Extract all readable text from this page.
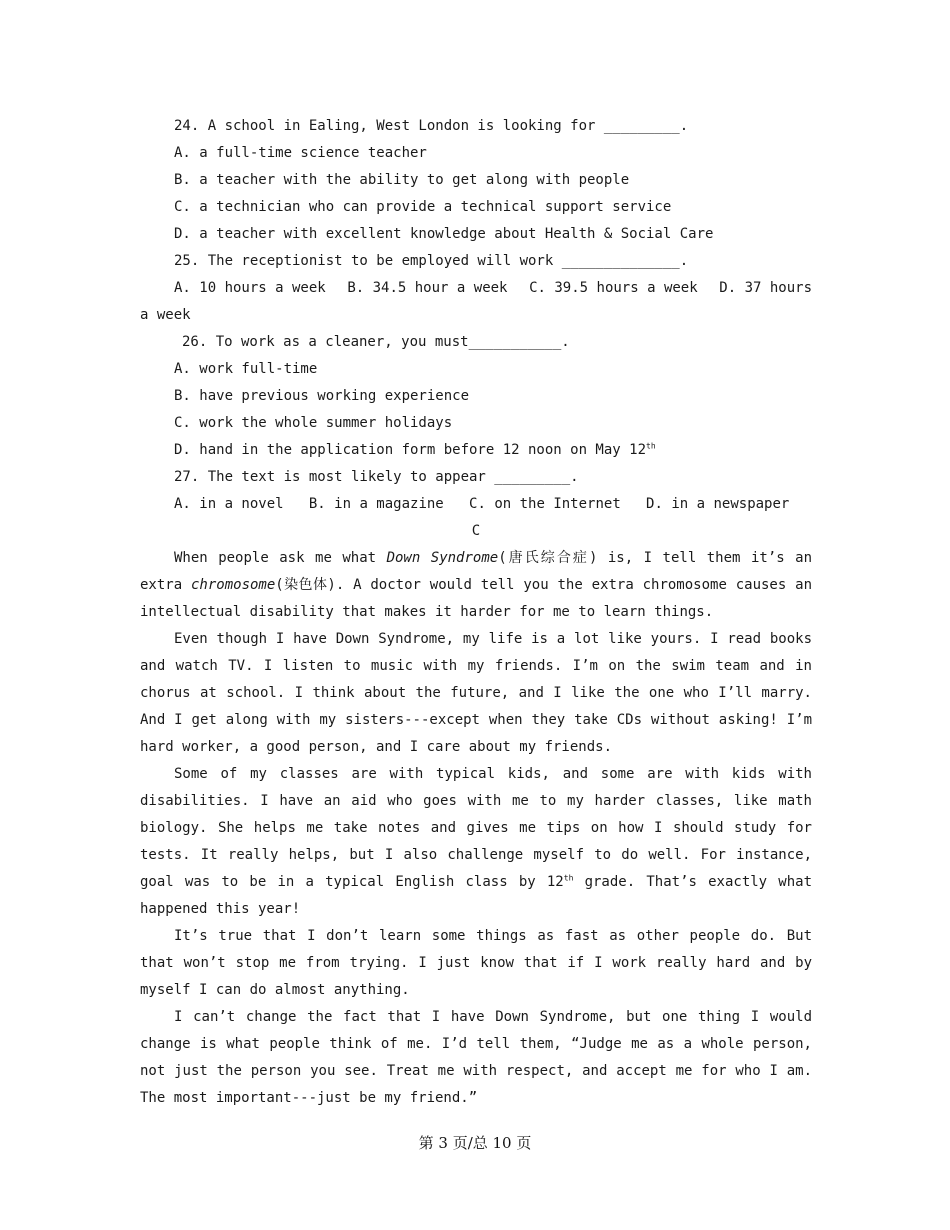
24. A school in Ealing, West London is looking for _________.
A. a full-time science teacher
B. a teacher with the ability to get along with people
C. a technician who can provide a technical support service
D. a teacher with excellent knowledge about Health & Social Care
25. The receptionist to be employed will work ______________.
A. 10 hours a week B. 34.5 hour a week C. 39.5 hours a week D. 37 hours
a week
26. To work as a cleaner, you must___________.
A. work full-time
B. have previous working experience
C. work the whole summer holidays
D. hand in the application form before 12 noon on May 12th
27. The text is most likely to appear _________.
A. in a novel B. in a magazine C. on the Internet D. in a newspaper
C
When people ask me what Down Syndrome(唐氏综合症) is, I tell them it’s an
extra chromosome(染色体). A doctor would tell you the extra chromosome causes an
intellectual disability that makes it harder for me to learn things.
Even though I have Down Syndrome, my life is a lot like yours. I read books
and watch TV. I listen to music with my friends. I’m on the swim team and in
chorus at school. I think about the future, and I like the one who I’ll marry.
And I get along with my sisters---except when they take CDs without asking! I’m
hard worker, a good person, and I care about my friends.
Some of my classes are with typical kids, and some are with kids with
disabilities. I have an aid who goes with me to my harder classes, like math
biology. She helps me take notes and gives me tips on how I should study for
tests. It really helps, but I also challenge myself to do well. For instance,
goal was to be in a typical English class by 12th grade. That’s exactly what
happened this year!
It’s true that I don’t learn some things as fast as other people do. But
that won’t stop me from trying. I just know that if I work really hard and by
myself I can do almost anything.
I can’t change the fact that I have Down Syndrome, but one thing I would
change is what people think of me. I’d tell them, “Judge me as a whole person,
not just the person you see. Treat me with respect, and accept me for who I am.
The most important---just be my friend.”
第 3 页/总 10 页
